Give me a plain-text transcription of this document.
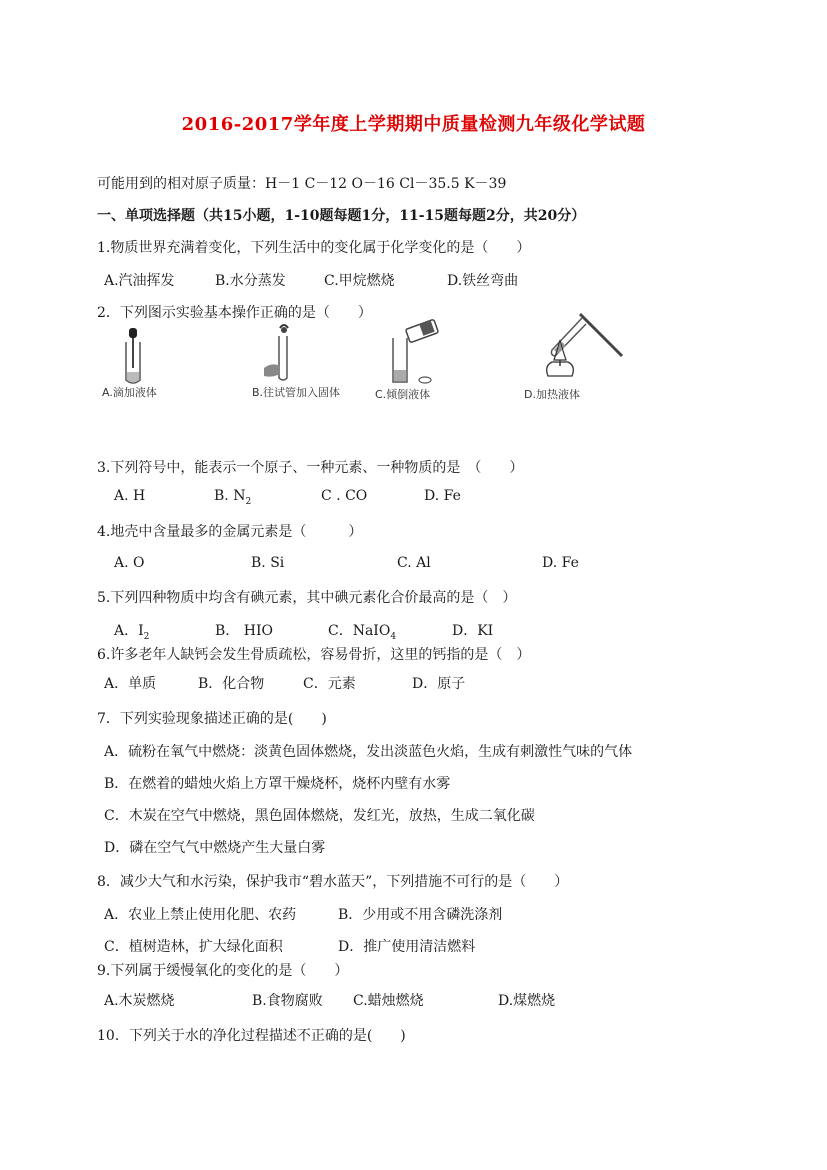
2016-2017学年度上学期期中质量检测九年级化学试题
可能用到的相对原子质量：H－1 C－12 O－16 Cl－35.5 K－39
一、单项选择题（共15小题，1-10题每题1分，11-15题每题2分，共20分）
1.物质世界充满着变化，下列生活中的变化属于化学变化的是（　　）
A.汽油挥发	B.水分蒸发	C.甲烷燃烧	D.铁丝弯曲
2．下列图示实验基本操作正确的是（　　）
A.滴加液体	B.往试管加入固体	C.倾倒液体	D.加热液体
3.下列符号中，能表示一个原子、一种元素、一种物质的是　（　　）
A. H	B. $N_2$	C . CO	D. Fe
4.地壳中含量最多的金属元素是（　　　）
A. O	B. Si	C. Al	D. Fe
5.下列四种物质中均含有碘元素，其中碘元素化合价最高的是（　）
A．$I_2$	B.　HIO	C．NaIO$_4$	D．KI
6.许多老年人缺钙会发生骨质疏松，容易骨折，这里的钙指的是（　）
A．单质	B．化合物	C．元素	D．原子
7．下列实验现象描述正确的是(　　)
A．硫粉在氧气中燃烧：淡黄色固体燃烧，发出淡蓝色火焰，生成有刺激性气味的气体
B．在燃着的蜡烛火焰上方罩干燥烧杯，烧杯内壁有水雾
C．木炭在空气中燃烧，黑色固体燃烧，发红光，放热，生成二氧化碳
D．磷在空气气中燃烧产生大量白雾
8．减少大气和水污染，保护我市“碧水蓝天”，下列措施不可行的是（　　）
A．农业上禁止使用化肥、农药	B．少用或不用含磷洗涤剂
C．植树造林，扩大绿化面积	D．推广使用清洁燃料
9.下列属于缓慢氧化的变化的是（　　）
A.木炭燃烧	B.食物腐败 C.蜡烛燃烧	D.煤燃烧
10．下列关于水的净化过程描述不正确的是(　　)
